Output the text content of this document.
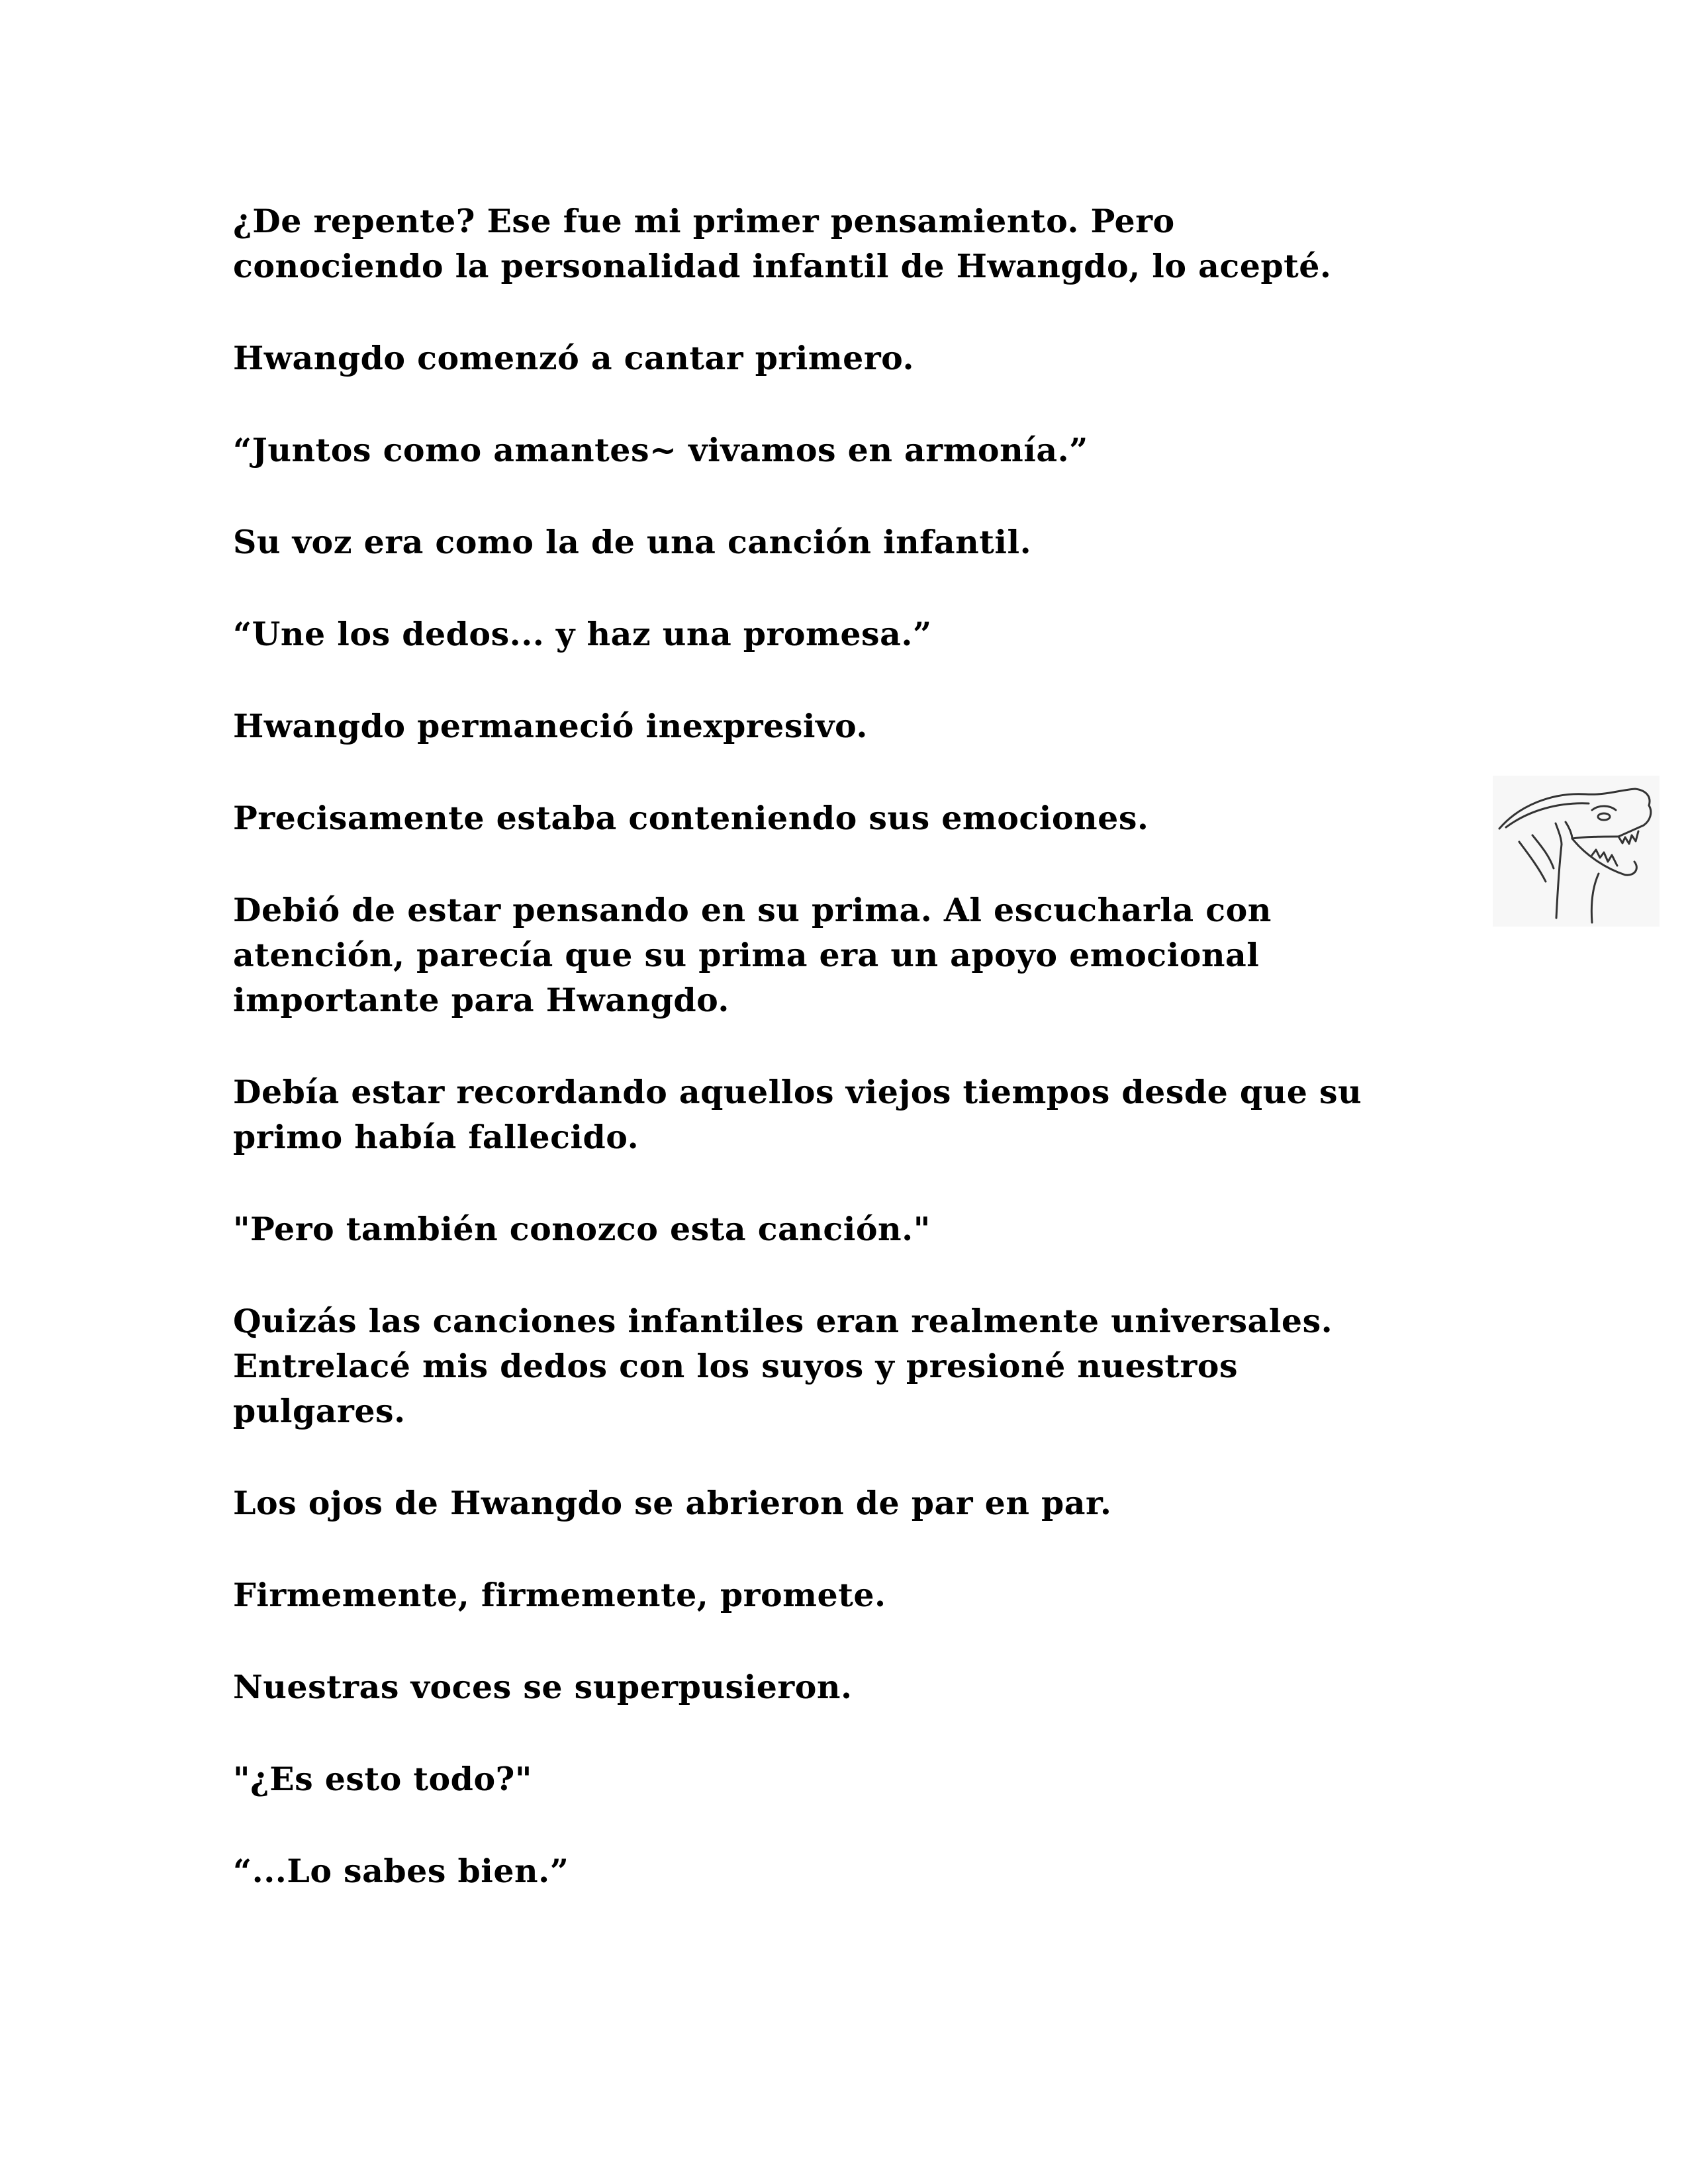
¿De repente? Ese fue mi primer pensamiento. Pero
conociendo la personalidad infantil de Hwangdo, lo acepté.

Hwangdo comenzó a cantar primero.

“Juntos como amantes~ vivamos en armonía.”

Su voz era como la de una canción infantil.

“Une los dedos... y haz una promesa.”

Hwangdo permaneció inexpresivo.

Precisamente estaba conteniendo sus emociones.

Debió de estar pensando en su prima. Al escucharla con
atención, parecía que su prima era un apoyo emocional
importante para Hwangdo.

Debía estar recordando aquellos viejos tiempos desde que su
primo había fallecido.

"Pero también conozco esta canción."

Quizás las canciones infantiles eran realmente universales.
Entrelacé mis dedos con los suyos y presioné nuestros
pulgares.

Los ojos de Hwangdo se abrieron de par en par.

Firmemente, firmemente, promete.

Nuestras voces se superpusieron.

"¿Es esto todo?"

“...Lo sabes bien.”
